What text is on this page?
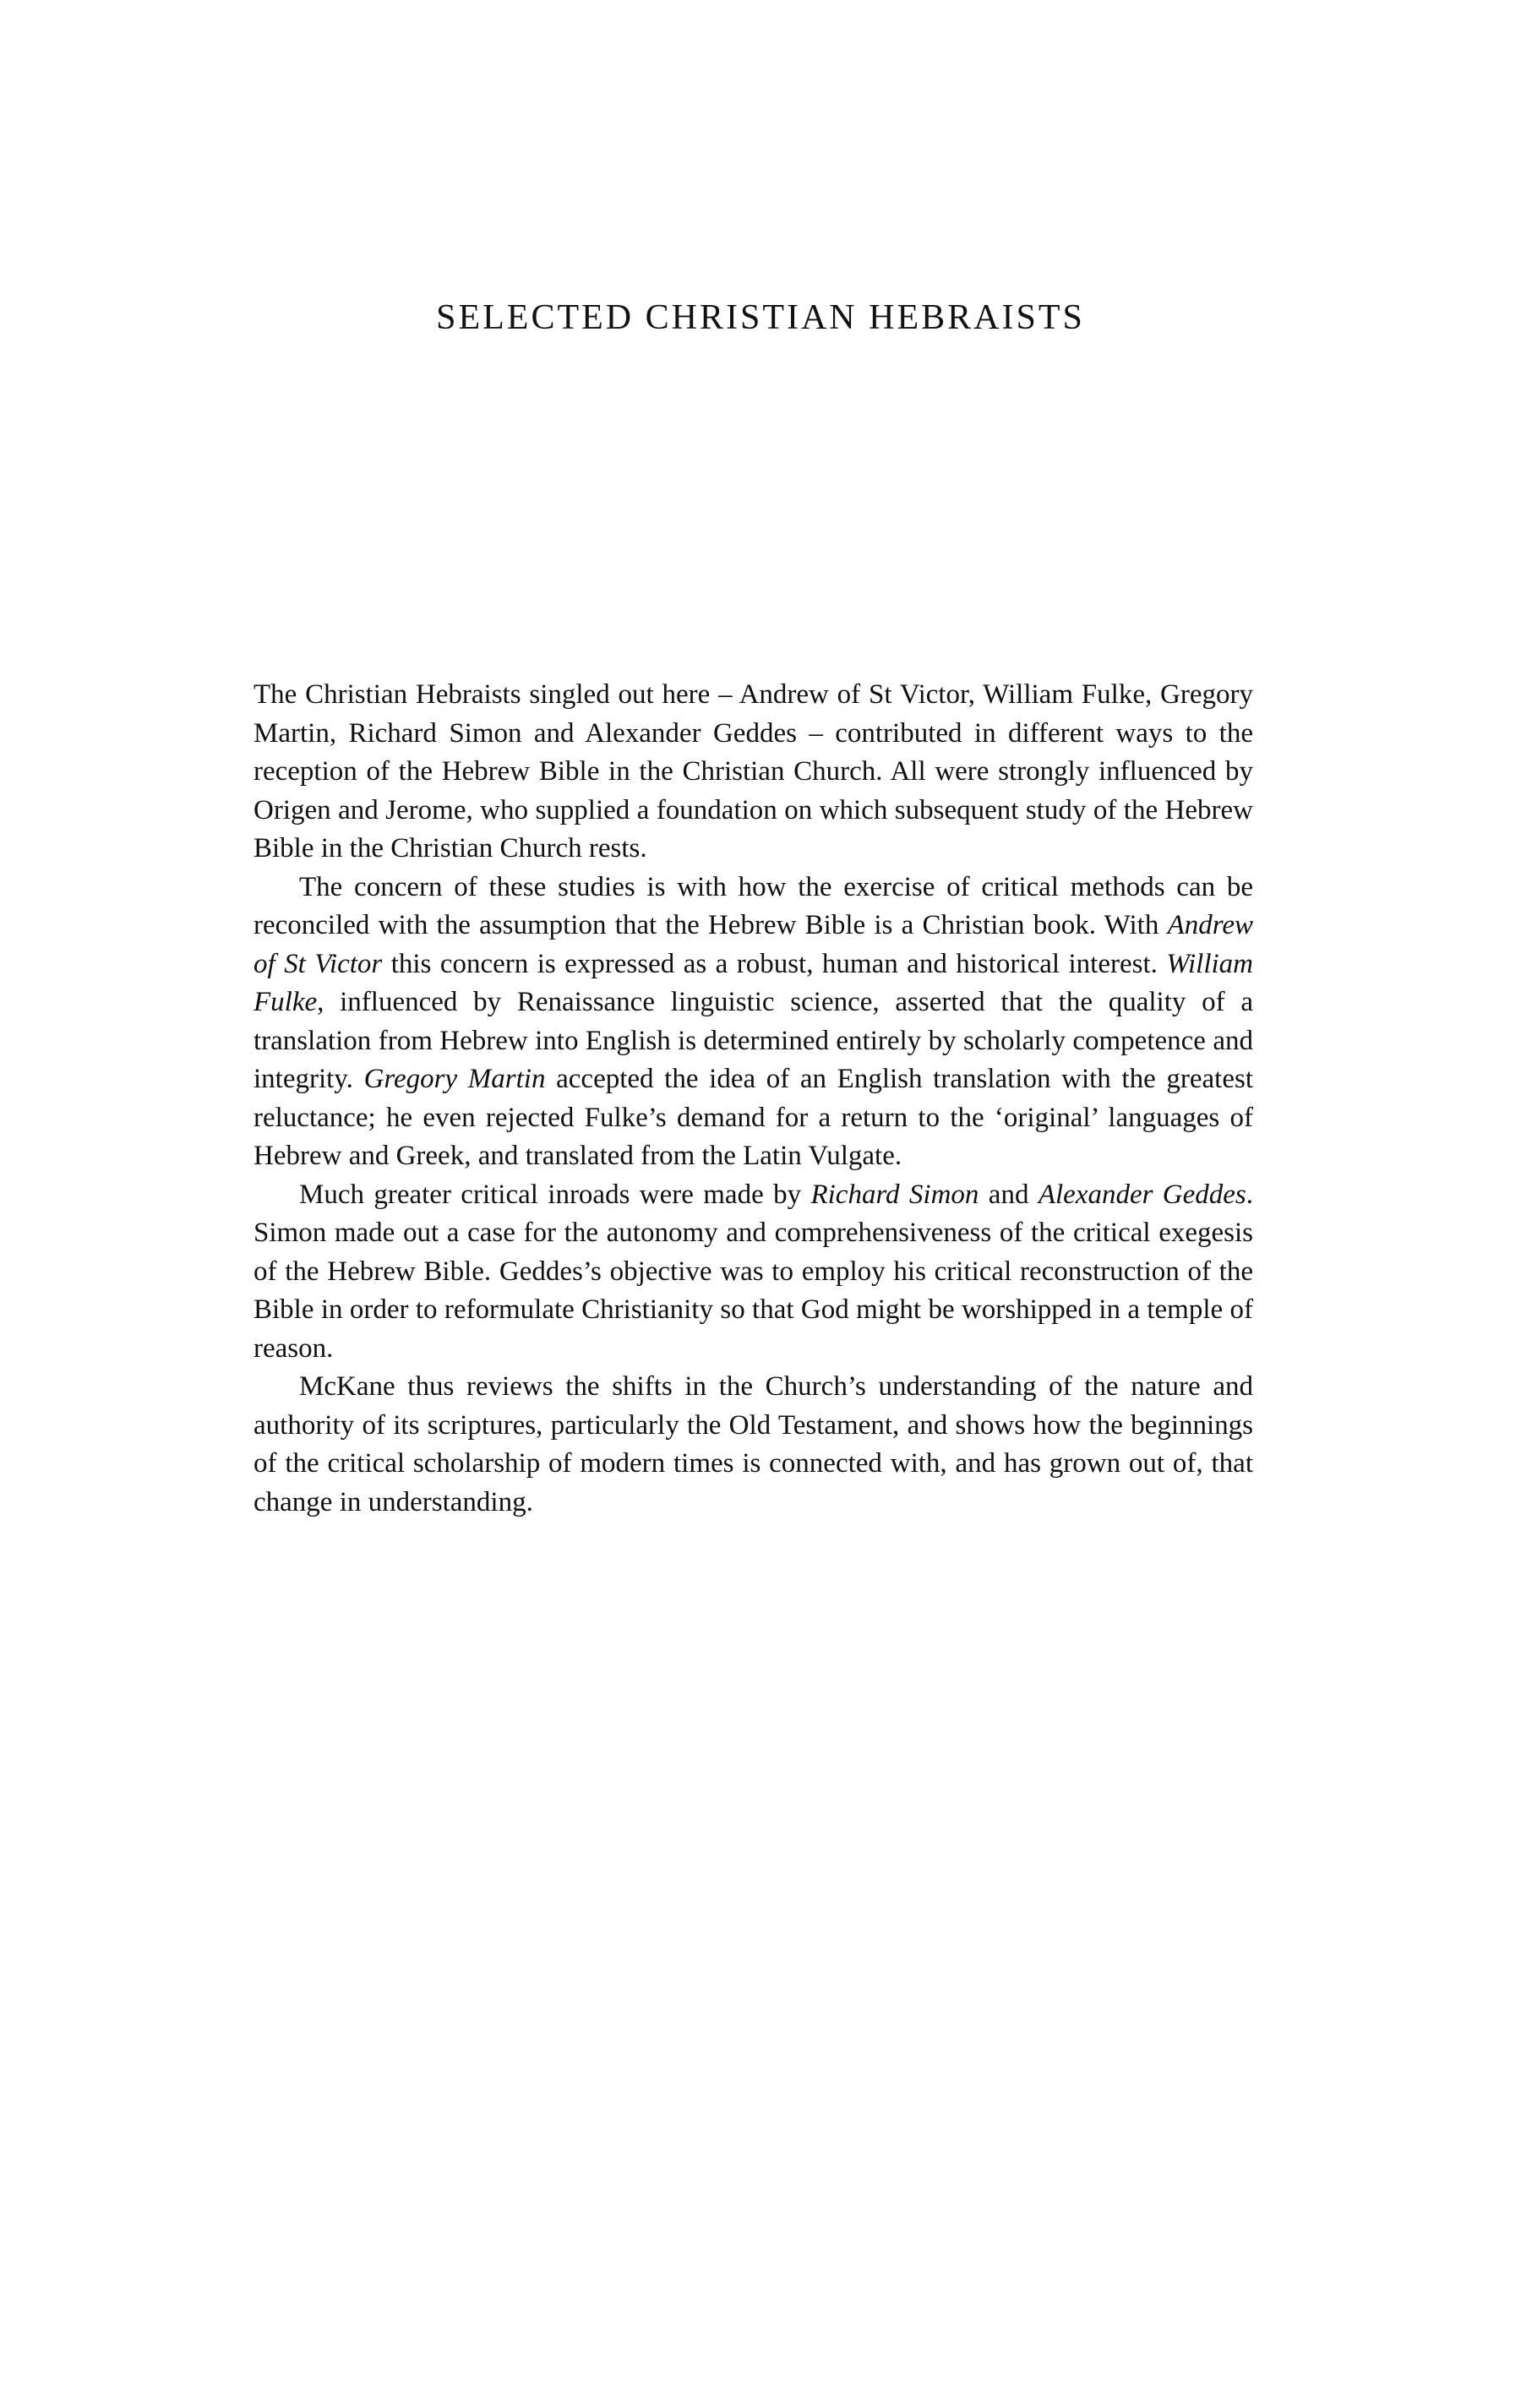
SELECTED CHRISTIAN HEBRAISTS

The Christian Hebraists singled out here – Andrew of St Victor, William Fulke, Gregory Martin, Richard Simon and Alexander Geddes – contributed in different ways to the reception of the Hebrew Bible in the Christian Church. All were strongly influenced by Origen and Jerome, who supplied a foundation on which subsequent study of the Hebrew Bible in the Christian Church rests.

The concern of these studies is with how the exercise of critical methods can be reconciled with the assumption that the Hebrew Bible is a Christian book. With Andrew of St Victor this concern is expressed as a robust, human and historical interest. William Fulke, influenced by Renaissance linguistic science, asserted that the quality of a translation from Hebrew into English is determined entirely by scholarly competence and integrity. Gregory Martin accepted the idea of an English translation with the greatest reluctance; he even rejected Fulke’s demand for a return to the ‘original’ languages of Hebrew and Greek, and translated from the Latin Vulgate.

Much greater critical inroads were made by Richard Simon and Alexander Geddes. Simon made out a case for the autonomy and comprehensiveness of the critical exegesis of the Hebrew Bible. Geddes’s objective was to employ his critical reconstruction of the Bible in order to reformulate Christianity so that God might be worshipped in a temple of reason.

McKane thus reviews the shifts in the Church’s understanding of the nature and authority of its scriptures, particularly the Old Testament, and shows how the beginnings of the critical scholarship of modern times is connected with, and has grown out of, that change in understanding.
